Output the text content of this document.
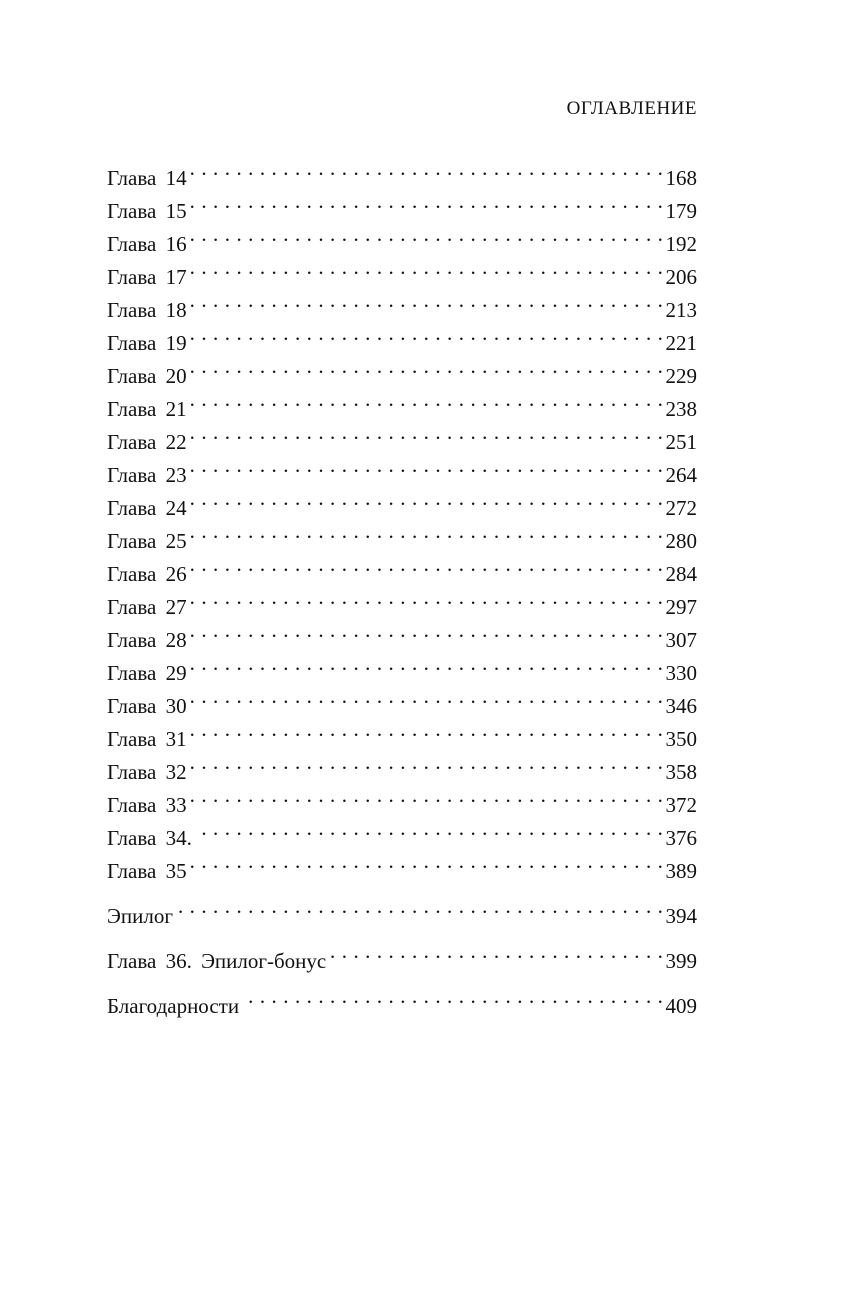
ОГЛАВЛЕНИЕ
Глава 14 . . .	168
Глава 15 . . .	179
Глава 16 . . .	192
Глава 17 . . .	206
Глава 18 . . .	213
Глава 19 . . .	221
Глава 20 . . .	229
Глава 21 . . .	238
Глава 22 . . .	251
Глава 23 . . .	264
Глава 24 . . .	272
Глава 25 . . .	280
Глава 26 . . .	284
Глава 27 . . .	297
Глава 28 . . .	307
Глава 29 . . .	330
Глава 30 . . .	346
Глава 31 . . .	350
Глава 32 . . .	358
Глава 33 . . .	372
Глава 34. . . .	376
Глава 35 . . .	389
Эпилог . . .	394
Глава 36. Эпилог-бонус . . .	399
Благодарности . . .	409
